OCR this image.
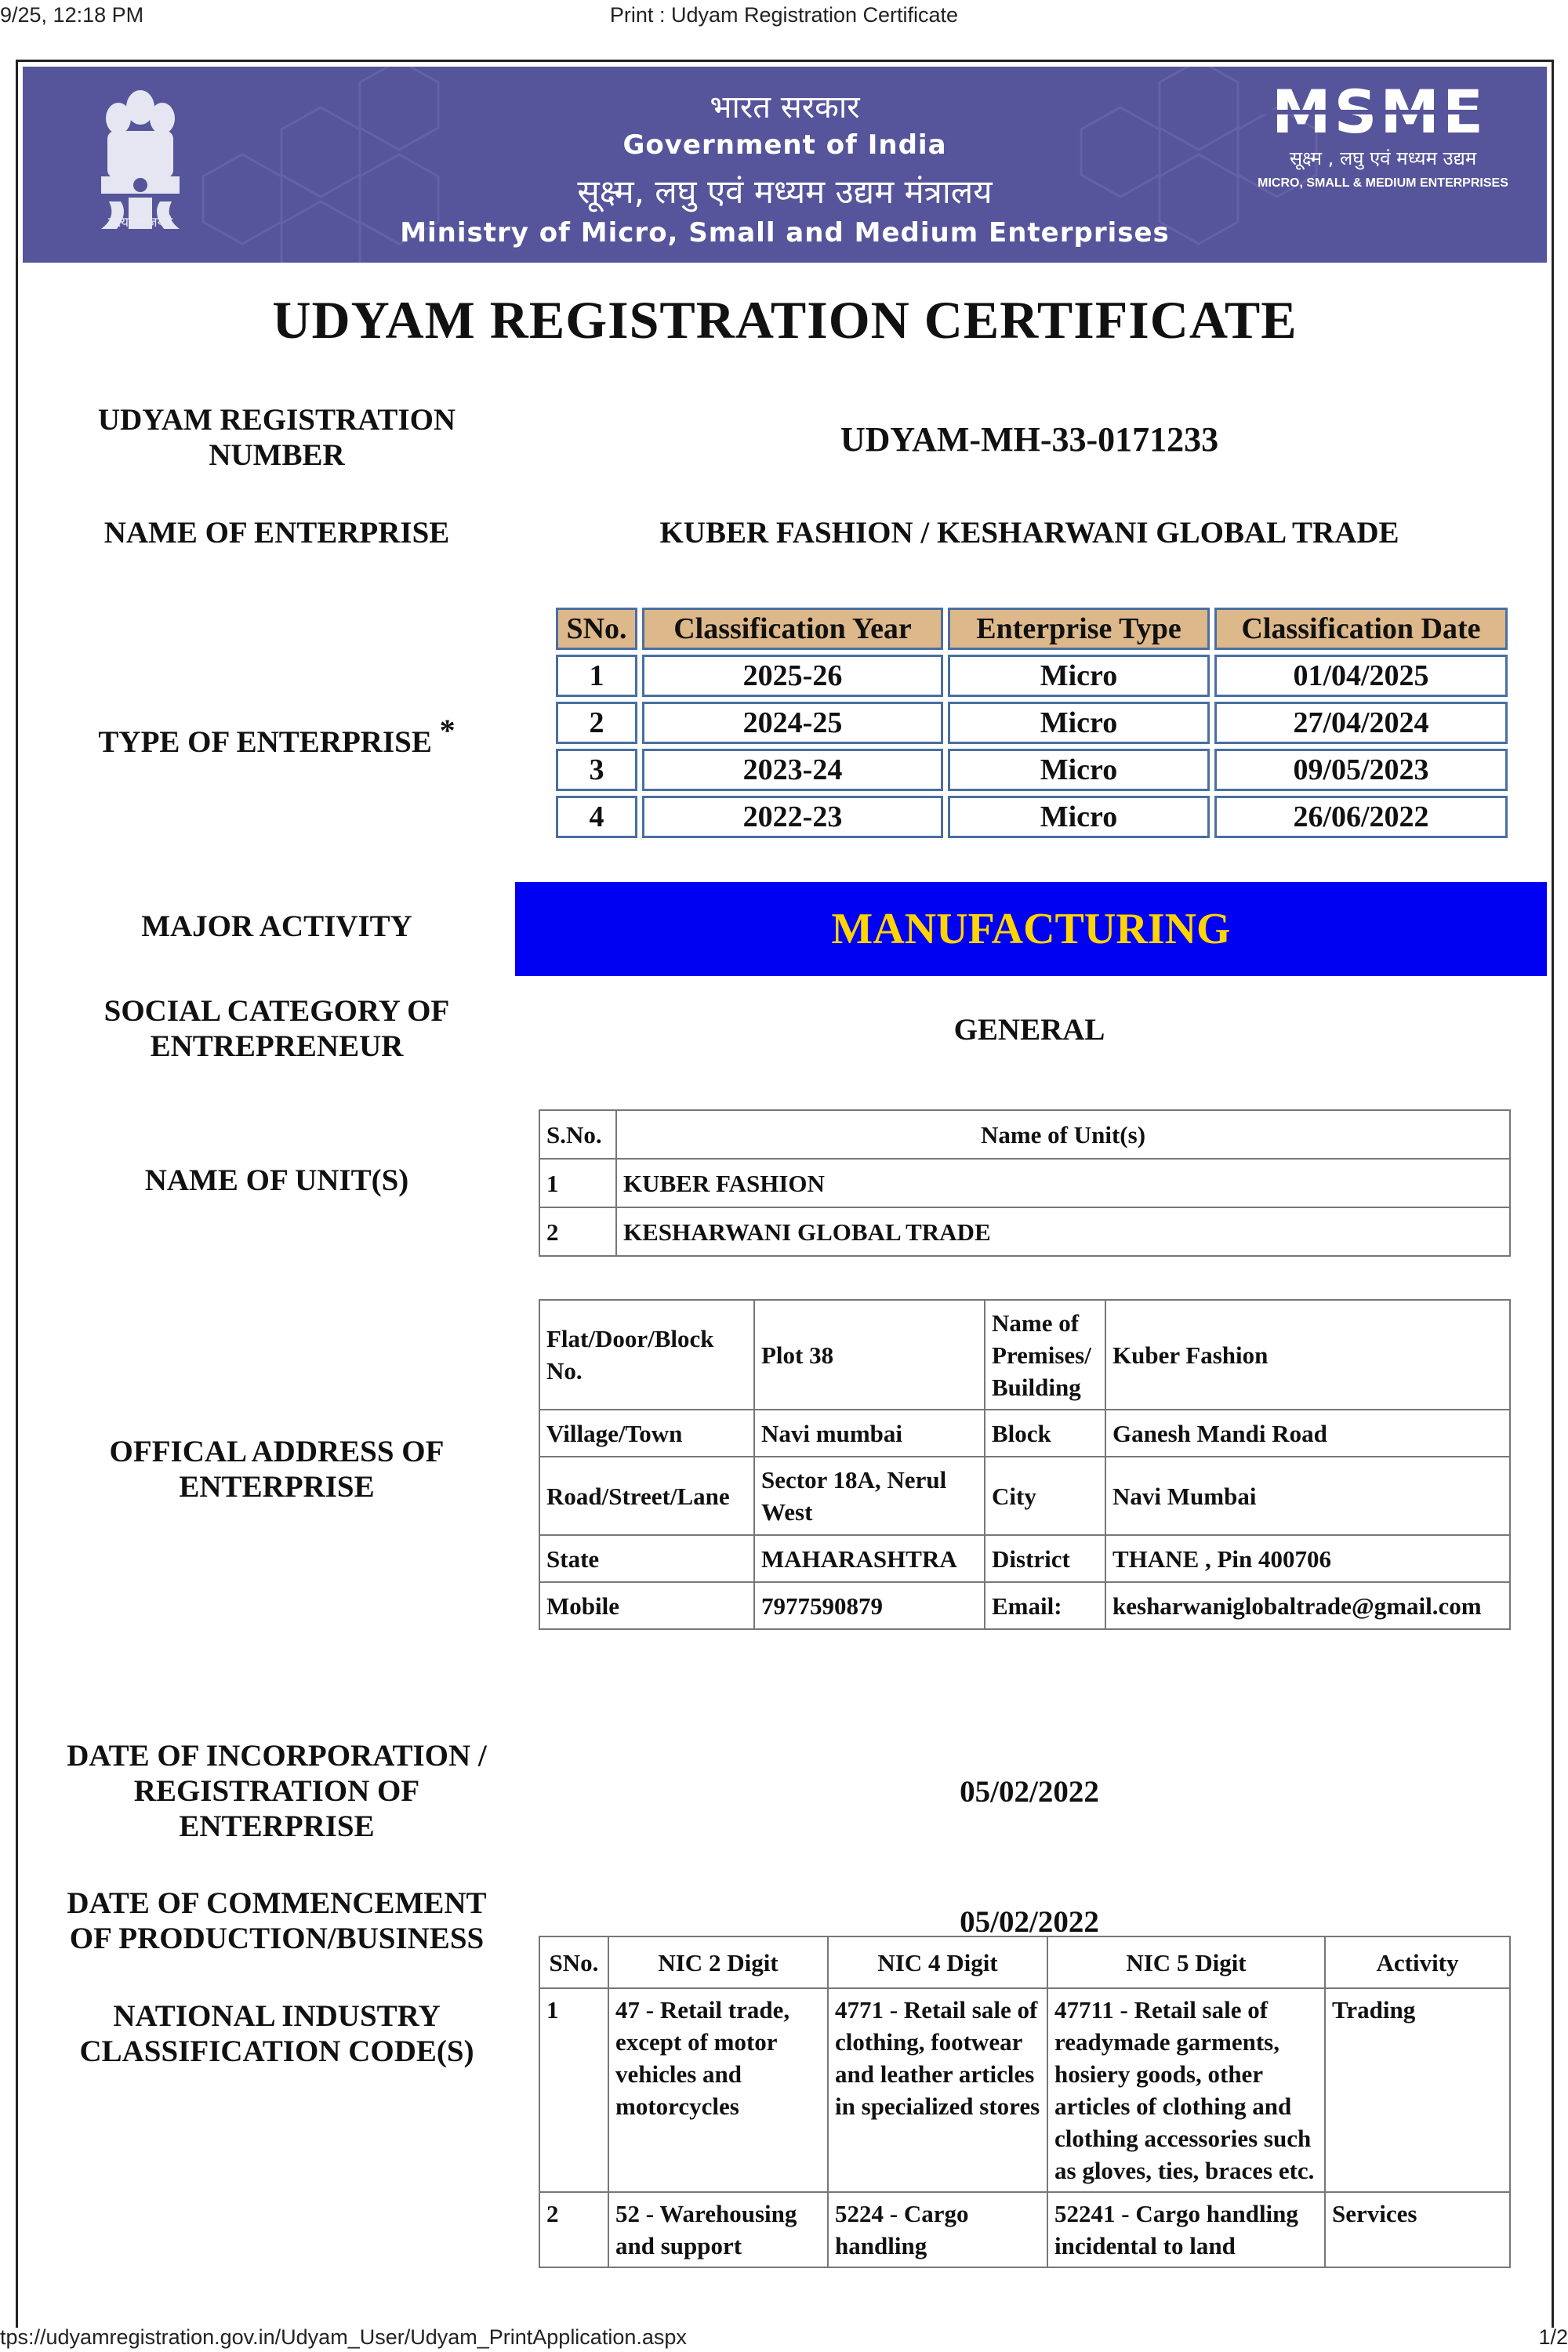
9/25, 12:18 PM	Print : Udyam Registration Certificate
सत्यमेव जयते
भारत सरकार
Government of India
सूक्ष्म, लघु एवं मध्यम उद्यम मंत्रालय
Ministry of Micro, Small and Medium Enterprises
MSME
सूक्ष्म , लघु एवं मध्यम उद्यम
MICRO, SMALL & MEDIUM ENTERPRISES
UDYAM REGISTRATION CERTIFICATE
UDYAM REGISTRATION NUMBER	UDYAM-MH-33-0171233
NAME OF ENTERPRISE	KUBER FASHION / KESHARWANI GLOBAL TRADE
TYPE OF ENTERPRISE *
SNo.	Classification Year	Enterprise Type	Classification Date
1	2025-26	Micro	01/04/2025
2	2024-25	Micro	27/04/2024
3	2023-24	Micro	09/05/2023
4	2022-23	Micro	26/06/2022
MAJOR ACTIVITY	MANUFACTURING
SOCIAL CATEGORY OF ENTREPRENEUR	GENERAL
NAME OF UNIT(S)
S.No.	Name of Unit(s)
1	KUBER FASHION
2	KESHARWANI GLOBAL TRADE
OFFICAL ADDRESS OF ENTERPRISE
Flat/Door/Block No.	Plot 38	Name of Premises/ Building	Kuber Fashion
Village/Town	Navi mumbai	Block	Ganesh Mandi Road
Road/Street/Lane	Sector 18A, Nerul West	City	Navi Mumbai
State	MAHARASHTRA	District	THANE , Pin 400706
Mobile	7977590879	Email:	kesharwaniglobaltrade@gmail.com
DATE OF INCORPORATION / REGISTRATION OF ENTERPRISE
05/02/2022
DATE OF COMMENCEMENT OF PRODUCTION/BUSINESS	05/02/2022
NATIONAL INDUSTRY CLASSIFICATION CODE(S)
SNo.	NIC 2 Digit	NIC 4 Digit	NIC 5 Digit	Activity
1	47 - Retail trade, except of motor vehicles and motorcycles	4771 - Retail sale of clothing, footwear and leather articles in specialized stores	47711 - Retail sale of readymade garments, hosiery goods, other articles of clothing and clothing accessories such as gloves, ties, braces etc.	Trading
2	52 - Warehousing and support	5224 - Cargo handling	52241 - Cargo handling incidental to land	Services
tps://udyamregistration.gov.in/Udyam_User/Udyam_PrintApplication.aspx	1/2
